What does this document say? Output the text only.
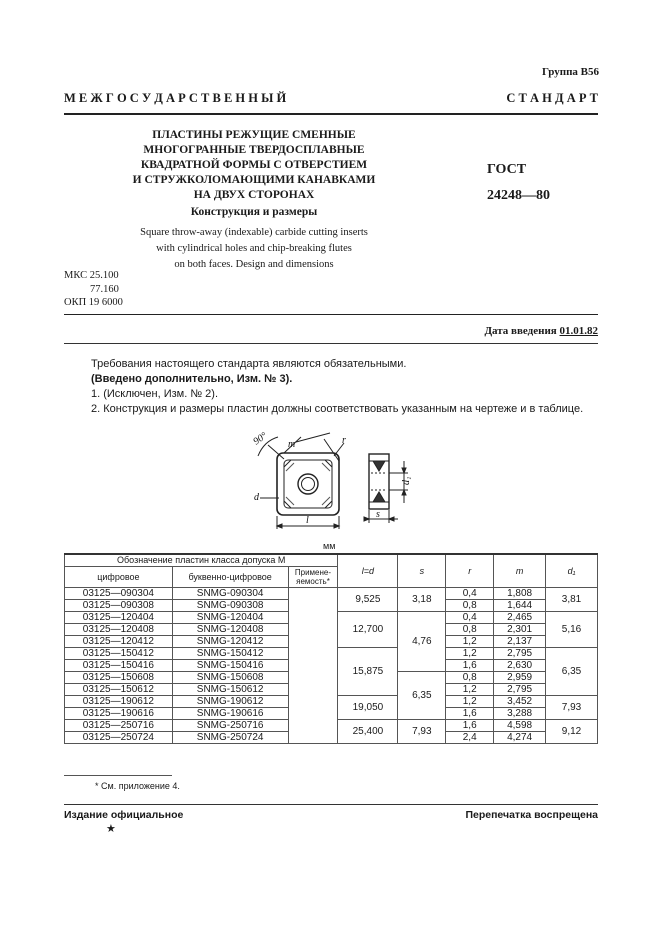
Группа В56
М Е Ж Г О С У Д А Р С Т В Е Н Н Ы Й	С Т А Н Д А Р Т
ПЛАСТИНЫ РЕЖУЩИЕ СМЕННЫЕ
МНОГОГРАННЫЕ ТВЕРДОСПЛАВНЫЕ
КВАДРАТНОЙ ФОРМЫ С ОТВЕРСТИЕМ
И СТРУЖКОЛОМАЮЩИМИ КАНАВКАМИ
НА ДВУХ СТОРОНАХ
Конструкция и размеры
Square throw-away (indexable) carbide cutting inserts
with cylindrical holes and chip-breaking flutes
on both faces. Design and dimensions
ГОСТ
24248—80
МКС 25.100
77.160
ОКП 19 6000
Дата введения 01.01.82
Требования настоящего стандарта являются обязательными.
(Введено дополнительно, Изм. № 3).
1. (Исключен, Изм. № 2).
2. Конструкция и размеры пластин должны соответствовать указанным на чертеже и в таблице.
90° m	r
d
l
s
d₁
мм
Обозначение пластин класса допуска М			l=d	s	r	m	d₁
цифровое	буквенно-цифровое	Примене-
яемость*					
03125—090304	SNMG-090304		9,525	3,18	0,4	1,808	3,81
03125—090308	SNMG-090308				0,8	1,644	
03125—120404	SNMG-120404		12,700	4,76	0,4	2,465	5,16
03125—120408	SNMG-120408				0,8	2,301	
03125—120412	SNMG-120412				1,2	2,137	
03125—150412	SNMG-150412		15,875		1,2	2,795	6,35
03125—150416	SNMG-150416				1,6	2,630	
03125—150608	SNMG-150608			6,35	0,8	2,959	
03125—150612	SNMG-150612				1,2	2,795	
03125—190612	SNMG-190612		19,050		1,2	3,452	7,93
03125—190616	SNMG-190616				1,6	3,288	
03125—250716	SNMG-250716		25,400	7,93	1,6	4,598	9,12
03125—250724	SNMG-250724				2,4	4,274	
* См. приложение 4.
Издание официальное	Перепечатка воспрещена
★
